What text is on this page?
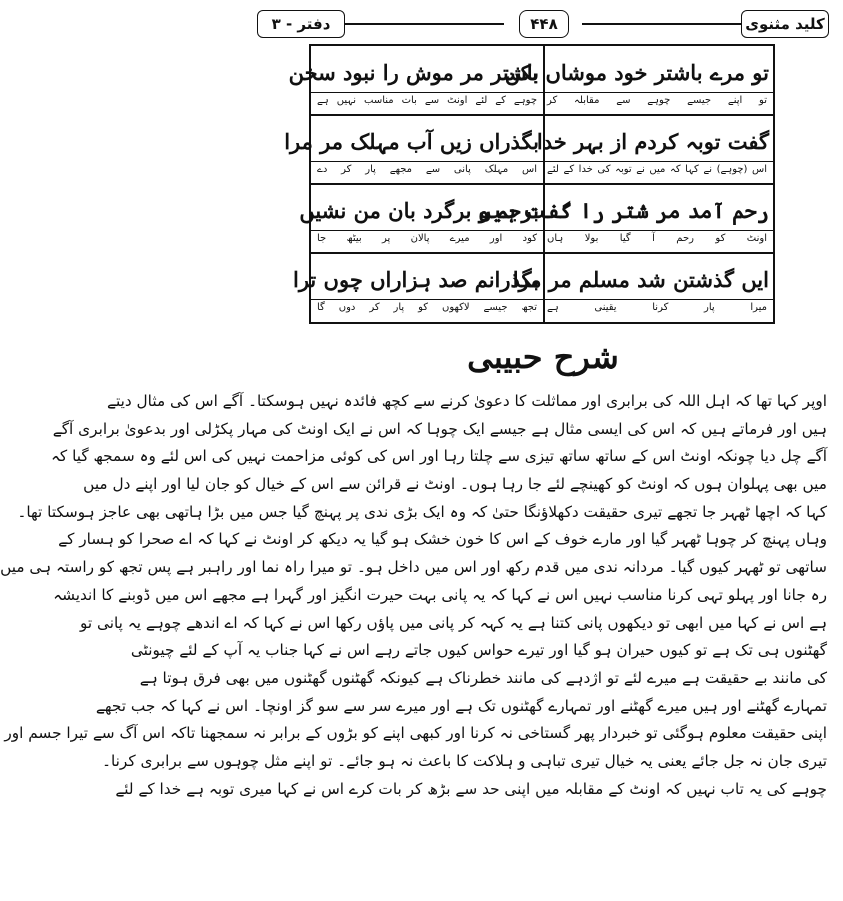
کلید مثنوی
۴۴۸
دفتر - ۳
تو مرے باشتر خود موشاں بکن
تو اپنے جیسے چوہے سے مقابلہ کر
باشتر مر موش را نبود سخن
چوہے کے لئے اونٹ سے بات مناسب نہیں ہے
گفت توبہ کردم از بہر خدا
اس (چوہے) نے کہا کہ میں نے توبہ کی خدا کے لئے
بگذراں زیں آب مہلک مر مرا
اس مہلک پانی سے مجھے پار کر دے
رحم آمد مر شتر را گفت ہیں
اونٹ کو رحم آ گیا بولا ہاں
برجہ و برگرد بان من نشیں
کود اور میرے پالان پر بیٹھ جا
ایں گذشتن شد مسلم مر مرا
میرا پار کرنا یقینی ہے
بگذرانم صد ہزاراں چوں ترا
تجھ جیسے لاکھوں کو پار کر دوں گا
شرح حبیبی
اوپر کہا تھا کہ اہل اللہ کی برابری اور مماثلت کا دعویٰ کرنے سے کچھ فائدہ نہیں ہوسکتا۔ آگے اس کی مثال دیتے
ہیں اور فرماتے ہیں کہ اس کی ایسی مثال ہے جیسے ایک چوہا کہ اس نے ایک اونٹ کی مہار پکڑلی اور بدعویٰ برابری آگے
آگے چل دیا چونکہ اونٹ اس کے ساتھ ساتھ تیزی سے چلتا رہا اور اس کی کوئی مزاحمت نہیں کی اس لئے وہ سمجھ گیا کہ
میں بھی پہلوان ہوں کہ اونٹ کو کھینچے لئے جا رہا ہوں۔ اونٹ نے قرائن سے اس کے خیال کو جان لیا اور اپنے دل میں
کہا کہ اچھا ٹھہر جا تجھے تیری حقیقت دکھلاؤنگا حتیٰ کہ وہ ایک بڑی ندی پر پہنچ گیا جس میں بڑا ہاتھی بھی عاجز ہوسکتا تھا۔
وہاں پہنچ کر چوہا ٹھہر گیا اور مارے خوف کے اس کا خون خشک ہو گیا یہ دیکھ کر اونٹ نے کہا کہ اے صحرا کو ہسار کے
ساتھی تو ٹھہر کیوں گیا۔ مردانہ ندی میں قدم رکھ اور اس میں داخل ہو۔ تو میرا راہ نما اور راہبر ہے پس تجھ کو راستہ ہی میں
رہ جانا اور پہلو تہی کرنا مناسب نہیں اس نے کہا کہ یہ پانی بہت حیرت انگیز اور گہرا ہے مجھے اس میں ڈوبنے کا اندیشہ
ہے اس نے کہا میں ابھی تو دیکھوں پانی کتنا ہے یہ کہہ کر پانی میں پاؤں رکھا اس نے کہا کہ اے اندھے چوہے یہ پانی تو
گھٹنوں ہی تک ہے تو کیوں حیران ہو گیا اور تیرے حواس کیوں جاتے رہے اس نے کہا جناب یہ آپ کے لئے چیونٹی
کی مانند بے حقیقت ہے میرے لئے تو اژدہے کی مانند خطرناک ہے کیونکہ گھٹنوں گھٹنوں میں بھی فرق ہوتا ہے
تمہارے گھٹنے اور ہیں میرے گھٹنے اور تمہارے گھٹنوں تک ہے اور میرے سر سے سو گز اونچا۔ اس نے کہا کہ جب تجھے
اپنی حقیقت معلوم ہوگئی تو خبردار پھر گستاخی نہ کرنا اور کبھی اپنے کو بڑوں کے برابر نہ سمجھنا تاکہ اس آگ سے تیرا جسم اور
تیری جان نہ جل جائے یعنی یہ خیال تیری تباہی و ہلاکت کا باعث نہ ہو جائے۔ تو اپنے مثل چوہوں سے برابری کرنا۔
چوہے کی یہ تاب نہیں کہ اونٹ کے مقابلہ میں اپنی حد سے بڑھ کر بات کرے اس نے کہا میری توبہ ہے خدا کے لئے
